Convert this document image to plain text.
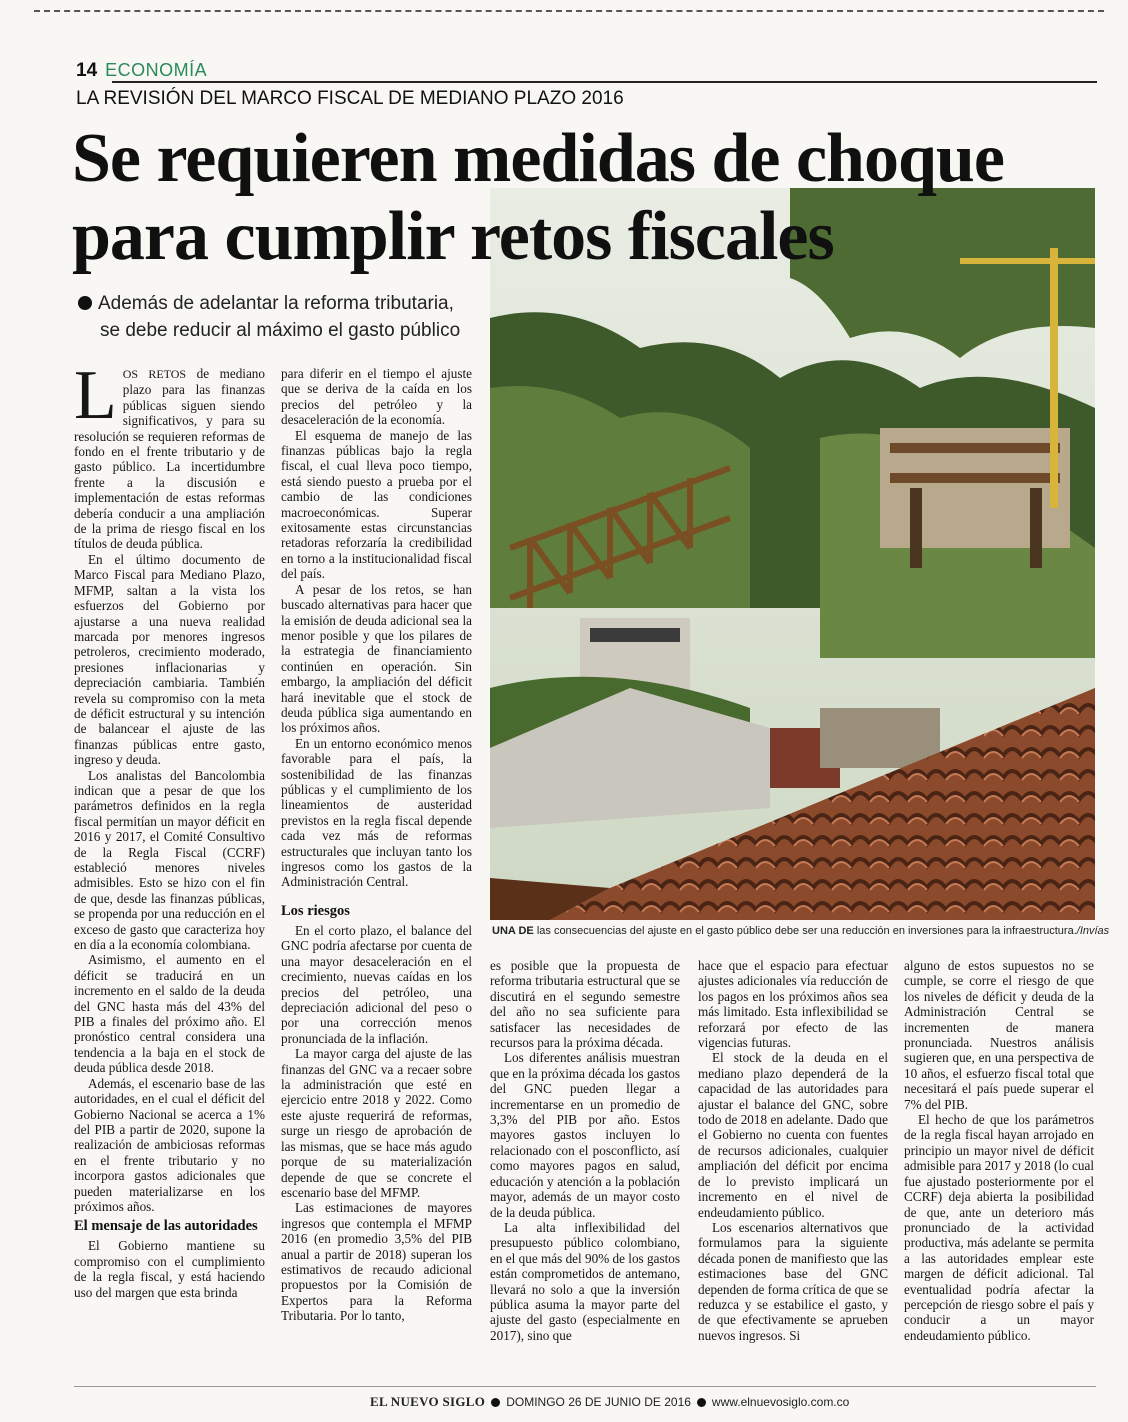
14 ECONOMÍA
LA REVISIÓN DEL MARCO FISCAL DE MEDIANO PLAZO 2016
Se requieren medidas de choque
para cumplir retos fiscales
Además de adelantar la reforma tributaria,
se debe reducir al máximo el gasto público
UNA DE las consecuencias del ajuste en el gasto público debe ser una reducción en inversiones para la infraestructura./Invías

LOS RETOS de mediano plazo para las finanzas públicas siguen siendo significativos, y para su resolución se requieren reformas de fondo en el frente tributario y de gasto público. La incertidumbre frente a la discusión e implementación de estas reformas debería conducir a una ampliación de la prima de riesgo fiscal en los títulos de deuda pública.

En el último documento de Marco Fiscal para Mediano Plazo, MFMP, saltan a la vista los esfuerzos del Gobierno por ajustarse a una nueva realidad marcada por menores ingresos petroleros, crecimiento moderado, presiones inflacionarias y depreciación cambiaria. También revela su compromiso con la meta de déficit estructural y su intención de balancear el ajuste de las finanzas públicas entre gasto, ingreso y deuda.

Los analistas del Bancolombia indican que a pesar de que los parámetros definidos en la regla fiscal permitían un mayor déficit en 2016 y 2017, el Comité Consultivo de la Regla Fiscal (CCRF) estableció menores niveles admisibles. Esto se hizo con el fin de que, desde las finanzas públicas, se propenda por una reducción en el exceso de gasto que caracteriza hoy en día a la economía colombiana.

Asimismo, el aumento en el déficit se traducirá en un incremento en el saldo de la deuda del GNC hasta más del 43% del PIB a finales del próximo año. El pronóstico central considera una tendencia a la baja en el stock de deuda pública desde 2018.

Además, el escenario base de las autoridades, en el cual el déficit del Gobierno Nacional se acerca a 1% del PIB a partir de 2020, supone la realización de ambiciosas reformas en el frente tributario y no incorpora gastos adicionales que pueden materializarse en los próximos años.

El mensaje de las autoridades

El Gobierno mantiene su compromiso con el cumplimiento de la regla fiscal, y está haciendo uso del margen que esta brinda

para diferir en el tiempo el ajuste que se deriva de la caída en los precios del petróleo y la desaceleración de la economía.

El esquema de manejo de las finanzas públicas bajo la regla fiscal, el cual lleva poco tiempo, está siendo puesto a prueba por el cambio de las condiciones macroeconómicas. Superar exitosamente estas circunstancias retadoras reforzaría la credibilidad en torno a la institucionalidad fiscal del país.

A pesar de los retos, se han buscado alternativas para hacer que la emisión de deuda adicional sea la menor posible y que los pilares de la estrategia de financiamiento continúen en operación. Sin embargo, la ampliación del déficit hará inevitable que el stock de deuda pública siga aumentando en los próximos años.

En un entorno económico menos favorable para el país, la sostenibilidad de las finanzas públicas y el cumplimiento de los lineamientos de austeridad previstos en la regla fiscal depende cada vez más de reformas estructurales que incluyan tanto los ingresos como los gastos de la Administración Central.

Los riesgos

En el corto plazo, el balance del GNC podría afectarse por cuenta de una mayor desaceleración en el crecimiento, nuevas caídas en los precios del petróleo, una depreciación adicional del peso o por una corrección menos pronunciada de la inflación.

La mayor carga del ajuste de las finanzas del GNC va a recaer sobre la administración que esté en ejercicio entre 2018 y 2022. Como este ajuste requerirá de reformas, surge un riesgo de aprobación de las mismas, que se hace más agudo porque de su materialización depende de que se concrete el escenario base del MFMP.

Las estimaciones de mayores ingresos que contempla el MFMP 2016 (en promedio 3,5% del PIB anual a partir de 2018) superan los estimativos de recaudo adicional propuestos por la Comisión de Expertos para la Reforma Tributaria. Por lo tanto,

es posible que la propuesta de reforma tributaria estructural que se discutirá en el segundo semestre del año no sea suficiente para satisfacer las necesidades de recursos para la próxima década.

Los diferentes análisis muestran que en la próxima década los gastos del GNC pueden llegar a incrementarse en un promedio de 3,3% del PIB por año. Estos mayores gastos incluyen lo relacionado con el posconflicto, así como mayores pagos en salud, educación y atención a la población mayor, además de un mayor costo de la deuda pública.

La alta inflexibilidad del presupuesto público colombiano, en el que más del 90% de los gastos están comprometidos de antemano, llevará no solo a que la inversión pública asuma la mayor parte del ajuste del gasto (especialmente en 2017), sino que

hace que el espacio para efectuar ajustes adicionales vía reducción de los pagos en los próximos años sea más limitado. Esta inflexibilidad se reforzará por efecto de las vigencias futuras.

El stock de la deuda en el mediano plazo dependerá de la capacidad de las autoridades para ajustar el balance del GNC, sobre todo de 2018 en adelante. Dado que el Gobierno no cuenta con fuentes de recursos adicionales, cualquier ampliación del déficit por encima de lo previsto implicará un incremento en el nivel de endeudamiento público.

Los escenarios alternativos que formulamos para la siguiente década ponen de manifiesto que las estimaciones base del GNC dependen de forma crítica de que se reduzca y se estabilice el gasto, y de que efectivamente se aprueben nuevos ingresos. Si

alguno de estos supuestos no se cumple, se corre el riesgo de que los niveles de déficit y deuda de la Administración Central se incrementen de manera pronunciada. Nuestros análisis sugieren que, en una perspectiva de 10 años, el esfuerzo fiscal total que necesitará el país puede superar el 7% del PIB.

El hecho de que los parámetros de la regla fiscal hayan arrojado en principio un mayor nivel de déficit admisible para 2017 y 2018 (lo cual fue ajustado posteriormente por el CCRF) deja abierta la posibilidad de que, ante un deterioro más pronunciado de la actividad productiva, más adelante se permita a las autoridades emplear este margen de déficit adicional. Tal eventualidad podría afectar la percepción de riesgo sobre el país y conducir a un mayor endeudamiento público.

EL NUEVO SIGLO DOMINGO 26 DE JUNIO DE 2016 www.elnuevosiglo.com.co
